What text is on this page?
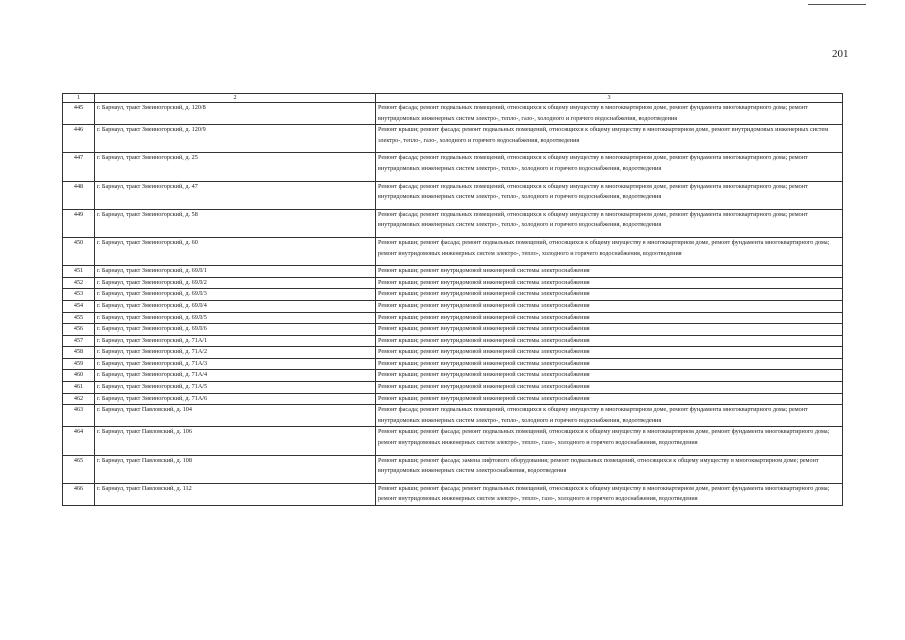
201
1	2	3
445	г. Барнаул, тракт Змеиногорский, д. 120/8	Ремонт фасада; ремонт подвальных помещений, относящихся к общему имуществу в многоквартирном доме, ремонт фундамента многоквартирного дома; ремонт внутридомовых инженерных систем электро-, тепло-, газо-, холодного и горячего водоснабжения, водоотведения
446	г. Барнаул, тракт Змеиногорский, д. 120/9	Ремонт крыши; ремонт фасада; ремонт подвальных помещений, относящихся к общему имуществу в многоквартирном доме, ремонт внутридомовых инженерных систем электро-, тепло-, газо-, холодного и горячего водоснабжения, водоотведения
447	г. Барнаул, тракт Змеиногорский, д. 25	Ремонт фасада; ремонт подвальных помещений, относящихся к общему имуществу в многоквартирном доме, ремонт фундамента многоквартирного дома; ремонт внутридомовых инженерных систем электро-, тепло-, холодного и горячего водоснабжения, водоотведения
448	г. Барнаул, тракт Змеиногорский, д. 47	Ремонт фасада; ремонт подвальных помещений, относящихся к общему имуществу в многоквартирном доме, ремонт фундамента многоквартирного дома; ремонт внутридомовых инженерных систем электро-, тепло-, холодного и горячего водоснабжения, водоотведения
449	г. Барнаул, тракт Змеиногорский, д. 58	Ремонт фасада; ремонт подвальных помещений, относящихся к общему имуществу в многоквартирном доме, ремонт фундамента многоквартирного дома; ремонт внутридомовых инженерных систем электро-, тепло-, холодного и горячего водоснабжения, водоотведения
450	г. Барнаул, тракт Змеиногорский, д. 60	Ремонт крыши; ремонт фасада; ремонт подвальных помещений, относящихся к общему имуществу в многоквартирном доме, ремонт фундамента многоквартирного дома; ремонт внутридомовых инженерных систем электро-, тепло-, холодного и горячего водоснабжения, водоотведения
451	г. Барнаул, тракт Змеиногорский, д. 69Л/1	Ремонт крыши; ремонт внутридомовой инженерной системы электроснабжения
452	г. Барнаул, тракт Змеиногорский, д. 69Л/2	Ремонт крыши; ремонт внутридомовой инженерной системы электроснабжения
453	г. Барнаул, тракт Змеиногорский, д. 69Л/3	Ремонт крыши; ремонт внутридомовой инженерной системы электроснабжения
454	г. Барнаул, тракт Змеиногорский, д. 69Л/4	Ремонт крыши; ремонт внутридомовой инженерной системы электроснабжения
455	г. Барнаул, тракт Змеиногорский, д. 69Л/5	Ремонт крыши; ремонт внутридомовой инженерной системы электроснабжения
456	г. Барнаул, тракт Змеиногорский, д. 69Л/6	Ремонт крыши; ремонт внутридомовой инженерной системы электроснабжения
457	г. Барнаул, тракт Змеиногорский, д. 71А/1	Ремонт крыши; ремонт внутридомовой инженерной системы электроснабжения
458	г. Барнаул, тракт Змеиногорский, д. 71А/2	Ремонт крыши; ремонт внутридомовой инженерной системы электроснабжения
459	г. Барнаул, тракт Змеиногорский, д. 71А/3	Ремонт крыши; ремонт внутридомовой инженерной системы электроснабжения
460	г. Барнаул, тракт Змеиногорский, д. 71А/4	Ремонт крыши; ремонт внутридомовой инженерной системы электроснабжения
461	г. Барнаул, тракт Змеиногорский, д. 71А/5	Ремонт крыши; ремонт внутридомовой инженерной системы электроснабжения
462	г. Барнаул, тракт Змеиногорский, д. 71А/6	Ремонт крыши; ремонт внутридомовой инженерной системы электроснабжения
463	г. Барнаул, тракт Павловский, д. 104	Ремонт фасада; ремонт подвальных помещений, относящихся к общему имуществу в многоквартирном доме, ремонт фундамента многоквартирного дома; ремонт внутридомовых инженерных систем электро-, тепло-, холодного и горячего водоснабжения, водоотведения
464	г. Барнаул, тракт Павловский, д. 106	Ремонт крыши; ремонт фасада; ремонт подвальных помещений, относящихся к общему имуществу в многоквартирном доме, ремонт фундамента многоквартирного дома; ремонт внутридомовых инженерных систем электро-, тепло-, газо-, холодного и горячего водоснабжения, водоотведения
465	г. Барнаул, тракт Павловский, д. 108	Ремонт крыши; ремонт фасада; замена лифтового оборудования; ремонт подвальных помещений, относящихся к общему имуществу в многоквартирном доме; ремонт внутридомовых инженерных систем электроснабжения, водоотведения
466	г. Барнаул, тракт Павловский, д. 112	Ремонт крыши; ремонт фасада; ремонт подвальных помещений, относящихся к общему имуществу в многоквартирном доме, ремонт фундамента многоквартирного дома; ремонт внутридомовых инженерных систем электро-, тепло-, газо-, холодного и горячего водоснабжения, водоотведения
